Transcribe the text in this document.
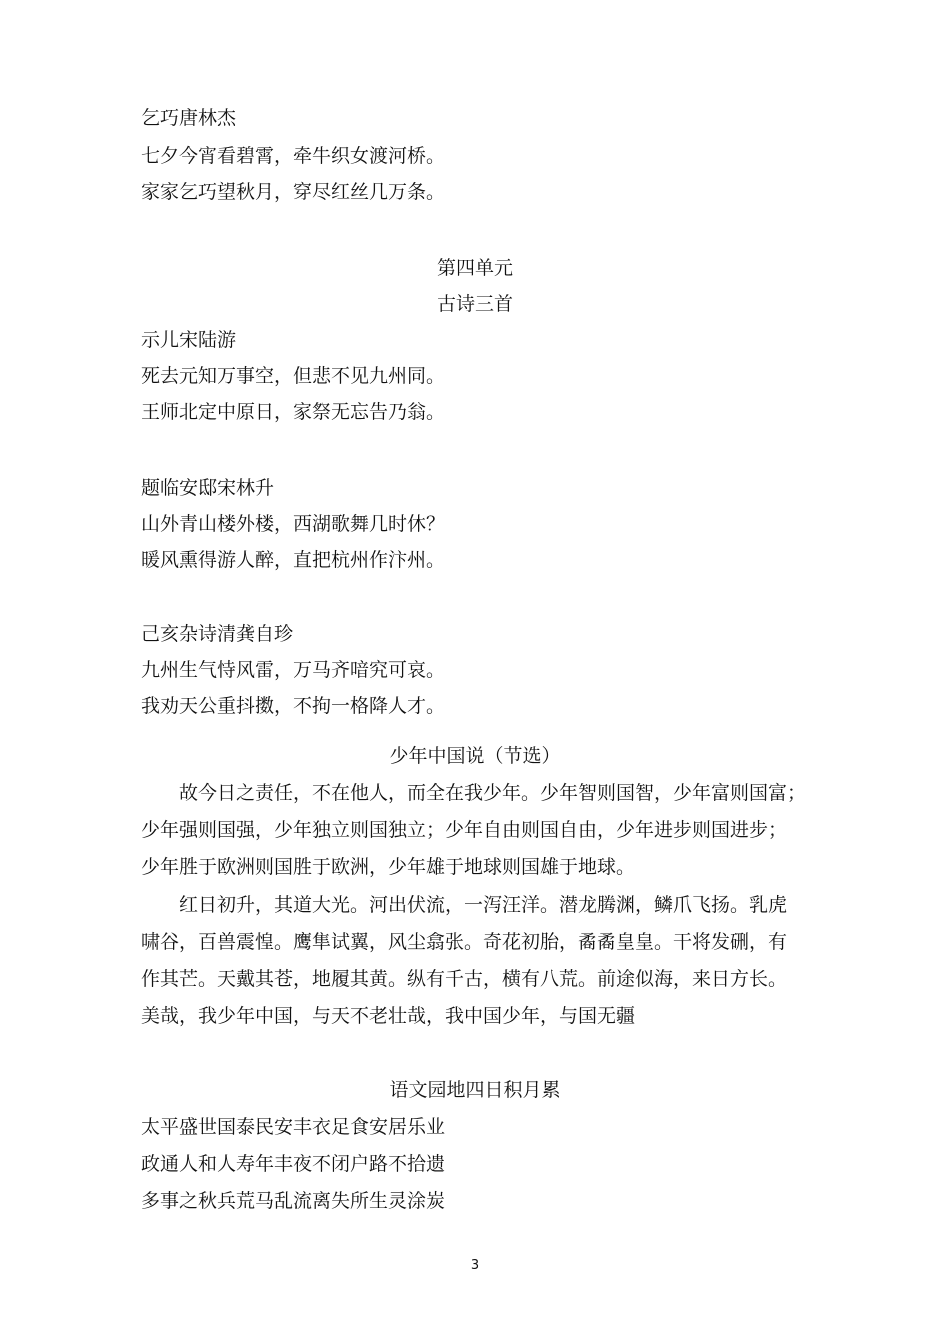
乞巧唐林杰
七夕今宵看碧霄，牵牛织女渡河桥。
家家乞巧望秋月，穿尽红丝几万条。
第四单元
古诗三首
示儿宋陆游
死去元知万事空，但悲不见九州同。
王师北定中原日，家祭无忘告乃翁。
题临安邸宋林升
山外青山楼外楼，西湖歌舞几时休？
暖风熏得游人醉，直把杭州作汴州。
己亥杂诗清龚自珍
九州生气恃风雷，万马齐喑究可哀。
我劝天公重抖擞，不拘一格降人才。
少年中国说（节选）
故今日之责任，不在他人，而全在我少年。少年智则国智，少年富则国富；
少年强则国强，少年独立则国独立；少年自由则国自由，少年进步则国进步；
少年胜于欧洲则国胜于欧洲，少年雄于地球则国雄于地球。
红日初升，其道大光。河出伏流，一泻汪洋。潜龙腾渊，鳞爪飞扬。乳虎
啸谷，百兽震惶。鹰隼试翼，风尘翕张。奇花初胎，矞矞皇皇。干将发硎，有
作其芒。天戴其苍，地履其黄。纵有千古，横有八荒。前途似海，来日方长。
美哉，我少年中国，与天不老壮哉，我中国少年，与国无疆
语文园地四日积月累
太平盛世国泰民安丰衣足食安居乐业
政通人和人寿年丰夜不闭户路不拾遗
多事之秋兵荒马乱流离失所生灵涂炭
3
